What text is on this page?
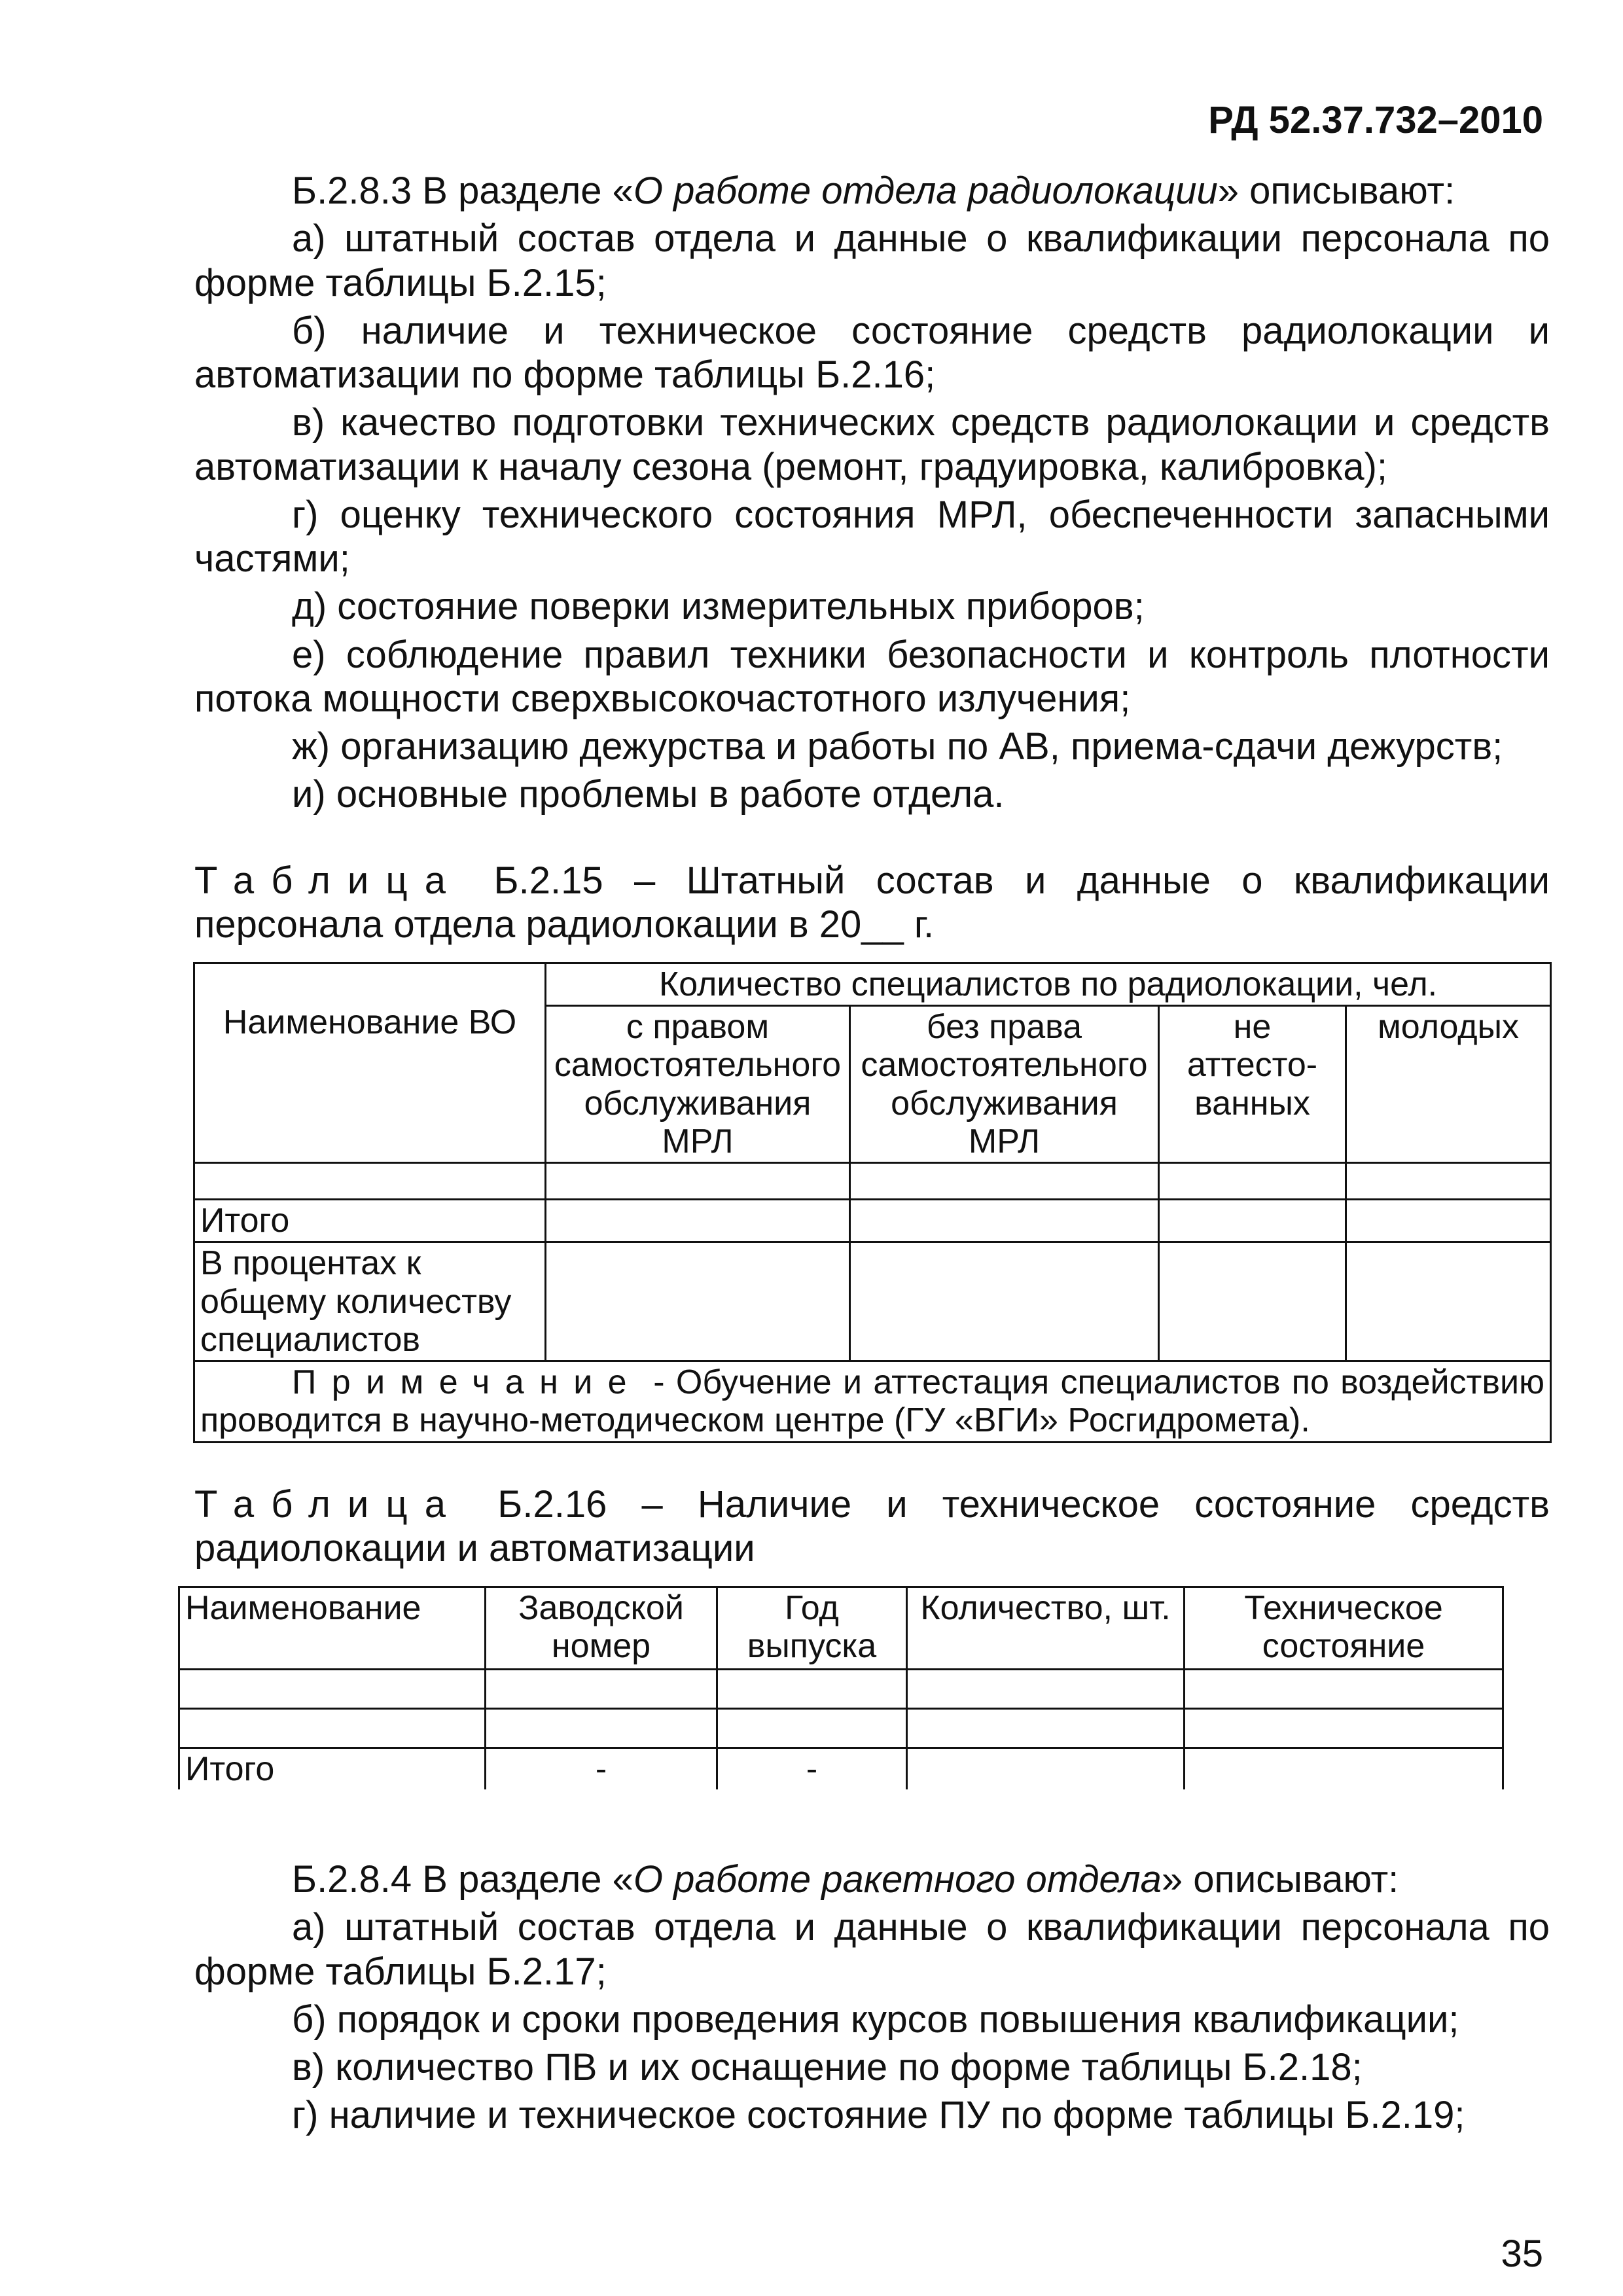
РД 52.37.732–2010

Б.2.8.3 В разделе «О работе отдела радиолокации» описывают:

а) штатный состав отдела и данные о квалификации персонала по форме таблицы Б.2.15;

б) наличие и техническое состояние средств радиолокации и автоматизации по форме таблицы Б.2.16;

в) качество подготовки технических средств радиолокации и средств автоматизации к началу сезона (ремонт, градуировка, калибровка);

г) оценку технического состояния МРЛ, обеспеченности запасными частями;

д) состояние поверки измерительных приборов;

е) соблюдение правил техники безопасности и контроль плотности потока мощности сверхвысокочастотного излучения;

ж) организацию дежурства и работы по АВ, приема-сдачи дежурств;

и) основные проблемы в работе отдела.

Таблица Б.2.15 – Штатный состав и данные о квалификации персонала отдела радиолокации в 20__ г.

Наименование ВО	Количество специалистов по радиолокации, чел.			
	с правом самостоятельного обслуживания МРЛ	без права самостоятельного обслуживания МРЛ	не аттесто-ванных	молодых

Итого				
В процентах к общему количеству специалистов				
Примечание - Обучение и аттестация специалистов по воздействию проводится в научно-методическом центре (ГУ «ВГИ» Росгидромета).				

Таблица Б.2.16 – Наличие и техническое состояние средств радиолокации и автоматизации

Наименование	Заводской номер	Год выпуска	Количество, шт.	Техническое состояние

Итого	-	-		

Б.2.8.4 В разделе «О работе ракетного отдела» описывают:

а) штатный состав отдела и данные о квалификации персонала по форме таблицы Б.2.17;

б) порядок и сроки проведения курсов повышения квалификации;

в) количество ПВ и их оснащение по форме таблицы Б.2.18;

г) наличие и техническое состояние ПУ по форме таблицы Б.2.19;

35
